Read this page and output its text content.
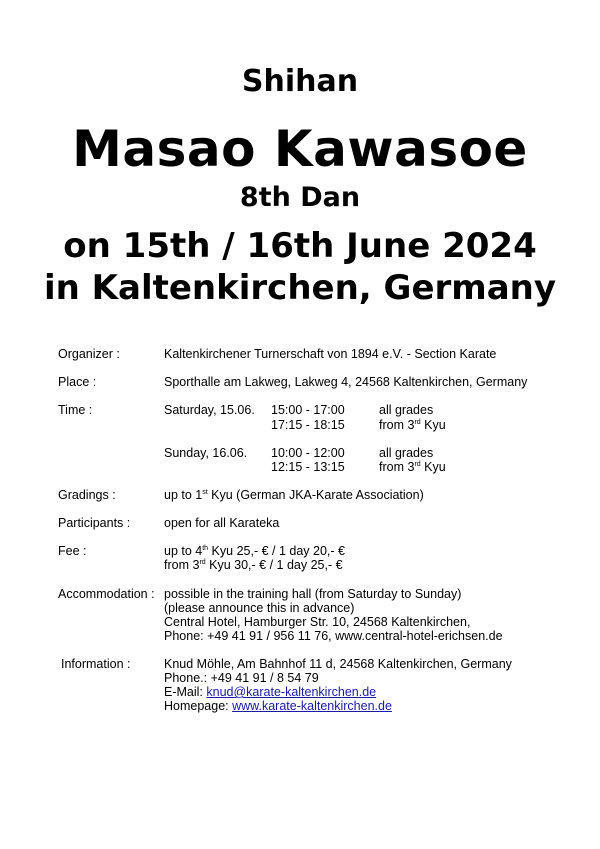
Shihan
Masao Kawasoe
8th Dan
on 15th / 16th June 2024
in Kaltenkirchen, Germany
Organizer :	Kaltenkirchener Turnerschaft von 1894 e.V. - Section Karate
Place :	Sporthalle am Lakweg, Lakweg 4, 24568 Kaltenkirchen, Germany
Time :	Saturday, 15.06. 15:00 - 17:00	all grades
17:15 - 18:15	from 3rd Kyu
Sunday, 16.06. 10:00 - 12:00	all grades
12:15 - 13:15	from 3rd Kyu
Gradings :	up to 1st Kyu (German JKA-Karate Association)
Participants :	open for all Karateka
Fee :	up to 4th Kyu 25,- € / 1 day 20,- €
from 3rd Kyu 30,- € / 1 day 25,- €
Accommodation : possible in the training hall (from Saturday to Sunday)
(please announce this in advance)
Central Hotel, Hamburger Str. 10, 24568 Kaltenkirchen,
Phone: +49 41 91 / 956 11 76, www.central-hotel-erichsen.de
Information :	Knud Möhle, Am Bahnhof 11 d, 24568 Kaltenkirchen, Germany
Phone.: +49 41 91 / 8 54 79
E-Mail: knud@karate-kaltenkirchen.de
Homepage: www.karate-kaltenkirchen.de
